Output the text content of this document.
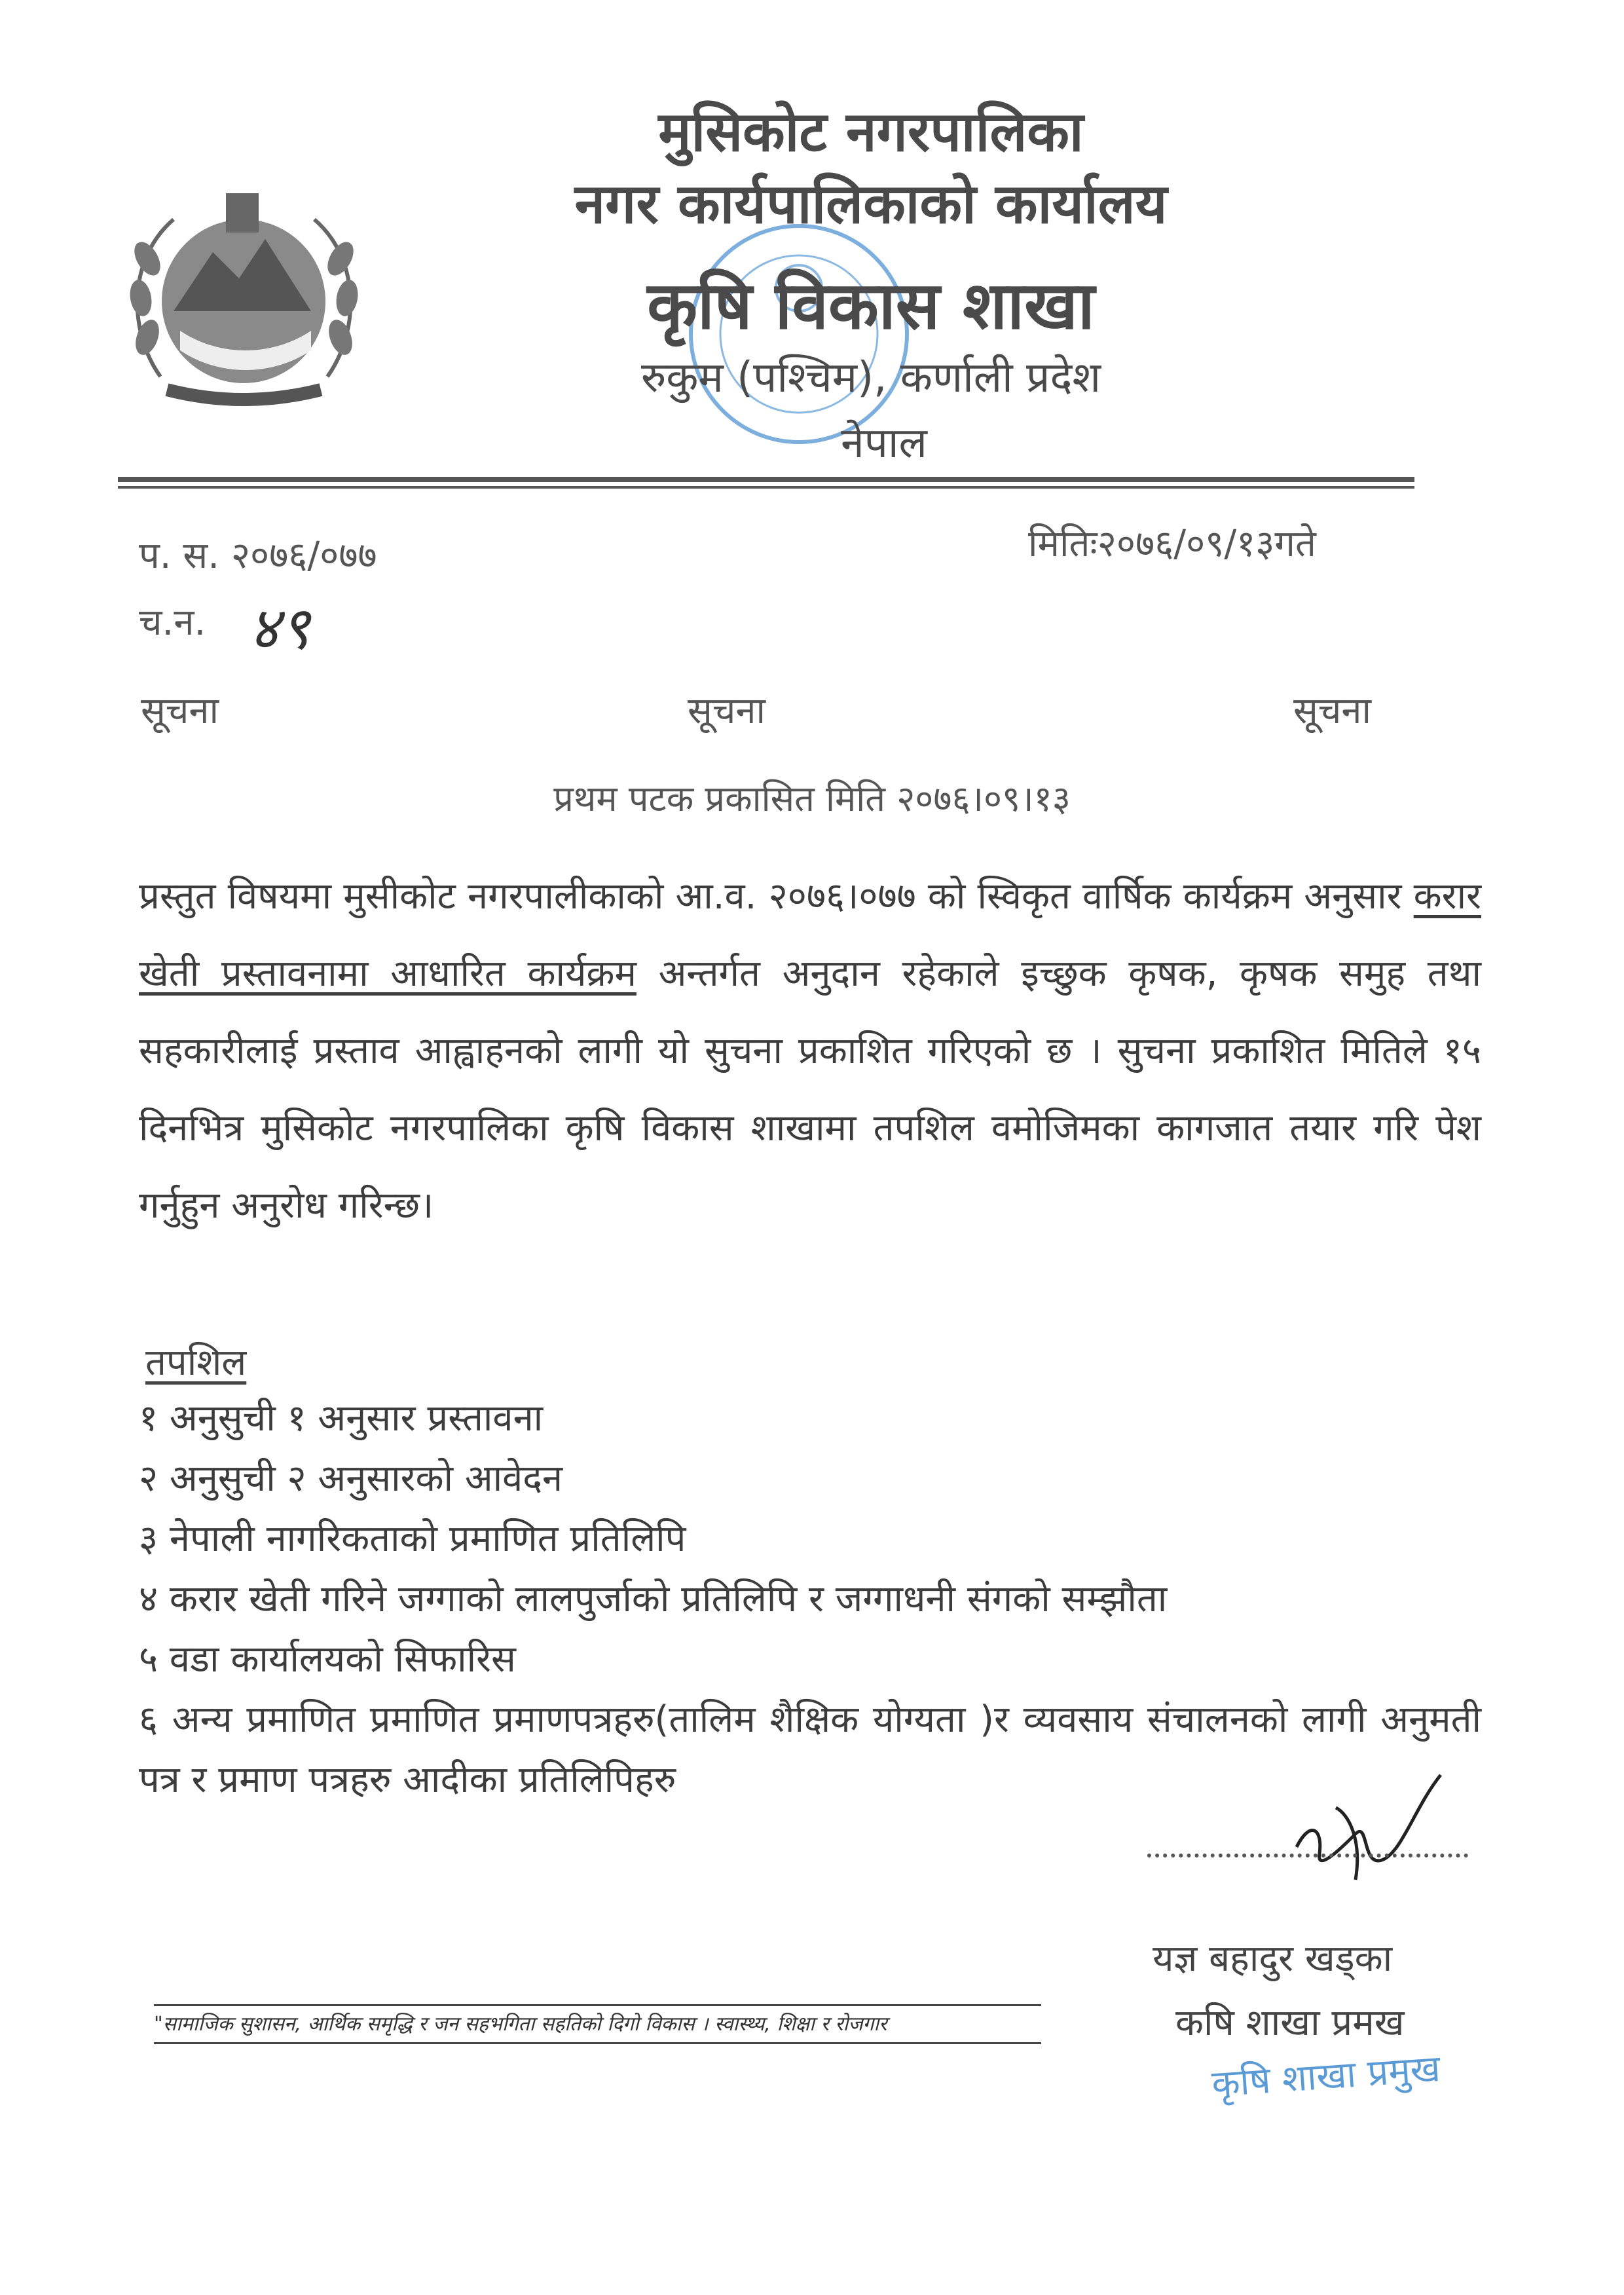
मुसिकोट नगरपालिका
नगर कार्यपालिकाको कार्यालय
कृषि विकास शाखा
रुकुम (पश्चिम), कर्णाली प्रदेश
नेपाल
प. स. २०७६/०७७
च.न. ४९
मितिः२०७६/०९/१३गते
सूचना	सूचना	सूचना
प्रथम पटक प्रकासित मिति २०७६।०९।१३
प्रस्तुत विषयमा मुसीकोट नगरपालीकाको आ.व. २०७६।०७७ को स्विकृत वार्षिक कार्यक्रम अनुसार करार खेती प्रस्तावनामा आधारित कार्यक्रम अन्तर्गत अनुदान रहेकाले इच्छुक कृषक, कृषक समुह तथा सहकारीलाई प्रस्ताव आह्वाहनको लागी यो सुचना प्रकाशित गरिएको छ । सुचना प्रकाशित मितिले १५ दिनभित्र मुसिकोट नगरपालिका कृषि विकास शाखामा तपशिल वमोजिमका कागजात तयार गरि पेश गर्नुहुन अनुरोध गरिन्छ।
तपशिल
१ अनुसुची १ अनुसार प्रस्तावना
२ अनुसुची २ अनुसारको आवेदन
३ नेपाली नागरिकताको प्रमाणित प्रतिलिपि
४ करार खेती गरिने जग्गाको लालपुर्जाको प्रतिलिपि र जग्गाधनी संगको सम्झौता
५ वडा कार्यालयको सिफारिस
६ अन्य प्रमाणित प्रमाणित प्रमाणपत्रहरु(तालिम शैक्षिक योग्यता )र व्यवसाय संचालनको लागी अनुमती पत्र र प्रमाण पत्रहरु आदीका प्रतिलिपिहरु
यज्ञ बहादुर खड्का
कषि शाखा प्रमख
कृषि शाखा प्रमुख
"सामाजिक सुशासन, आर्थिक समृद्धि र जन सहभगिता सहतिको दिगो विकास । स्वास्थ्य, शिक्षा र रोजगार
